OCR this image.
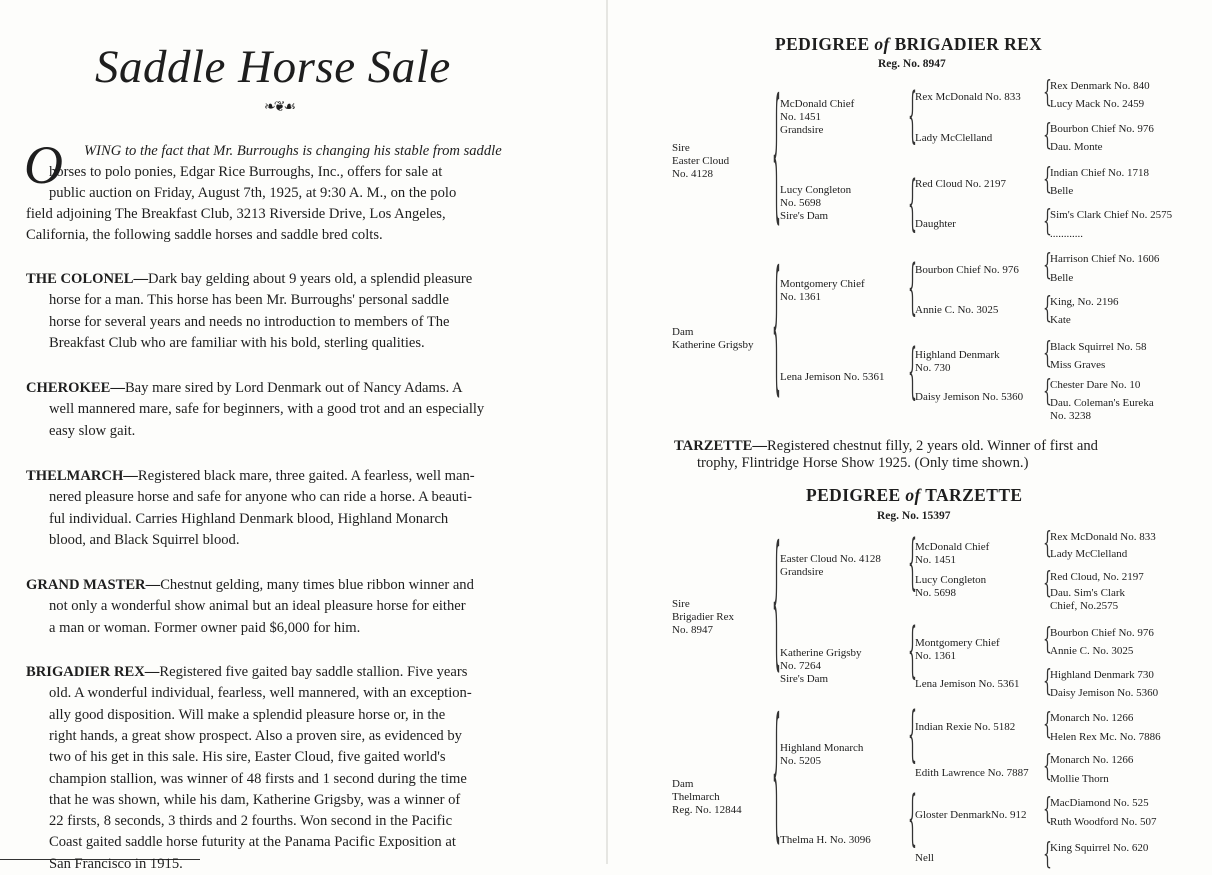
Saddle Horse Sale
❧❦☙
O WING to the fact that Mr. Burroughs is changing his stable from saddle
horses to polo ponies, Edgar Rice Burroughs, Inc., offers for sale at
public auction on Friday, August 7th, 1925, at 9:30 A. M., on the polo
field adjoining The Breakfast Club, 3213 Riverside Drive, Los Angeles,
California, the following saddle horses and saddle bred colts.
THE COLONEL—Dark bay gelding about 9 years old, a splendid pleasure
horse for a man. This horse has been Mr. Burroughs' personal saddle
horse for several years and needs no introduction to members of The
Breakfast Club who are familiar with his bold, sterling qualities.
CHEROKEE—Bay mare sired by Lord Denmark out of Nancy Adams. A
well mannered mare, safe for beginners, with a good trot and an especially
easy slow gait.
THELMARCH—Registered black mare, three gaited. A fearless, well man-
nered pleasure horse and safe for anyone who can ride a horse. A beauti-
ful individual. Carries Highland Denmark blood, Highland Monarch
blood, and Black Squirrel blood.
GRAND MASTER—Chestnut gelding, many times blue ribbon winner and
not only a wonderful show animal but an ideal pleasure horse for either
a man or woman. Former owner paid $6,000 for him.
BRIGADIER REX—Registered five gaited bay saddle stallion. Five years
old. A wonderful individual, fearless, well mannered, with an exception-
ally good disposition. Will make a splendid pleasure horse or, in the
right hands, a great show prospect. Also a proven sire, as evidenced by
two of his get in this sale. His sire, Easter Cloud, five gaited world's
champion stallion, was winner of 48 firsts and 1 second during the time
that he was shown, while his dam, Katherine Grigsby, was a winner of
22 firsts, 8 seconds, 3 thirds and 2 fourths. Won second in the Pacific
Coast gaited saddle horse futurity at the Panama Pacific Exposition at
San Francisco in 1915.
PEDIGREE of BRIGADIER REX
Reg. No. 8947
TARZETTE—Registered chestnut filly, 2 years old. Winner of first and
trophy, Flintridge Horse Show 1925. (Only time shown.)
PEDIGREE of TARZETTE
Reg. No. 15397
Sire
Easter Cloud
No. 4128
Dam
Katherine Grigsby
{
{
McDonald Chief
No. 1451
Grandsire
Lucy Congleton
No. 5698
Sire's Dam
Montgomery Chief
No. 1361
Lena Jemison No. 5361
{
{
{
{
Rex McDonald No. 833
Lady McClelland
Red Cloud No. 2197
Daughter
Bourbon Chief No. 976
Annie C. No. 3025
Highland Denmark
No. 730
Daisy Jemison No. 5360
{
Rex Denmark No. 840
Lucy Mack No. 2459
{
Bourbon Chief No. 976
Dau. Monte
{
Indian Chief No. 1718
Belle
{
Sim's Clark Chief No. 2575
............
{
Harrison Chief No. 1606
Belle
{
King, No. 2196
Kate
{
Black Squirrel No. 58
Miss Graves
{
Chester Dare No. 10
Dau. Coleman's Eureka
No. 3238
Sire
Brigadier Rex
No. 8947
Dam
Thelmarch
Reg. No. 12844
{
{
Easter Cloud No. 4128
Grandsire
Katherine Grigsby
No. 7264
Sire's Dam
Highland Monarch
No. 5205
Thelma H. No. 3096
{
{
{
{
McDonald Chief
No. 1451
Lucy Congleton
No. 5698
Montgomery Chief
No. 1361
Lena Jemison No. 5361
Indian Rexie No. 5182
Edith Lawrence No. 7887
Gloster DenmarkNo. 912
Nell
{
Rex McDonald No. 833
Lady McClelland
{
Red Cloud, No. 2197
Dau. Sim's Clark
Chief, No.2575
{
Bourbon Chief No. 976
Annie C. No. 3025
{
Highland Denmark 730
Daisy Jemison No. 5360
{
Monarch No. 1266
Helen Rex Mc. No. 7886
{
Monarch No. 1266
Mollie Thorn
{
MacDiamond No. 525
Ruth Woodford No. 507
{
King Squirrel No. 620
